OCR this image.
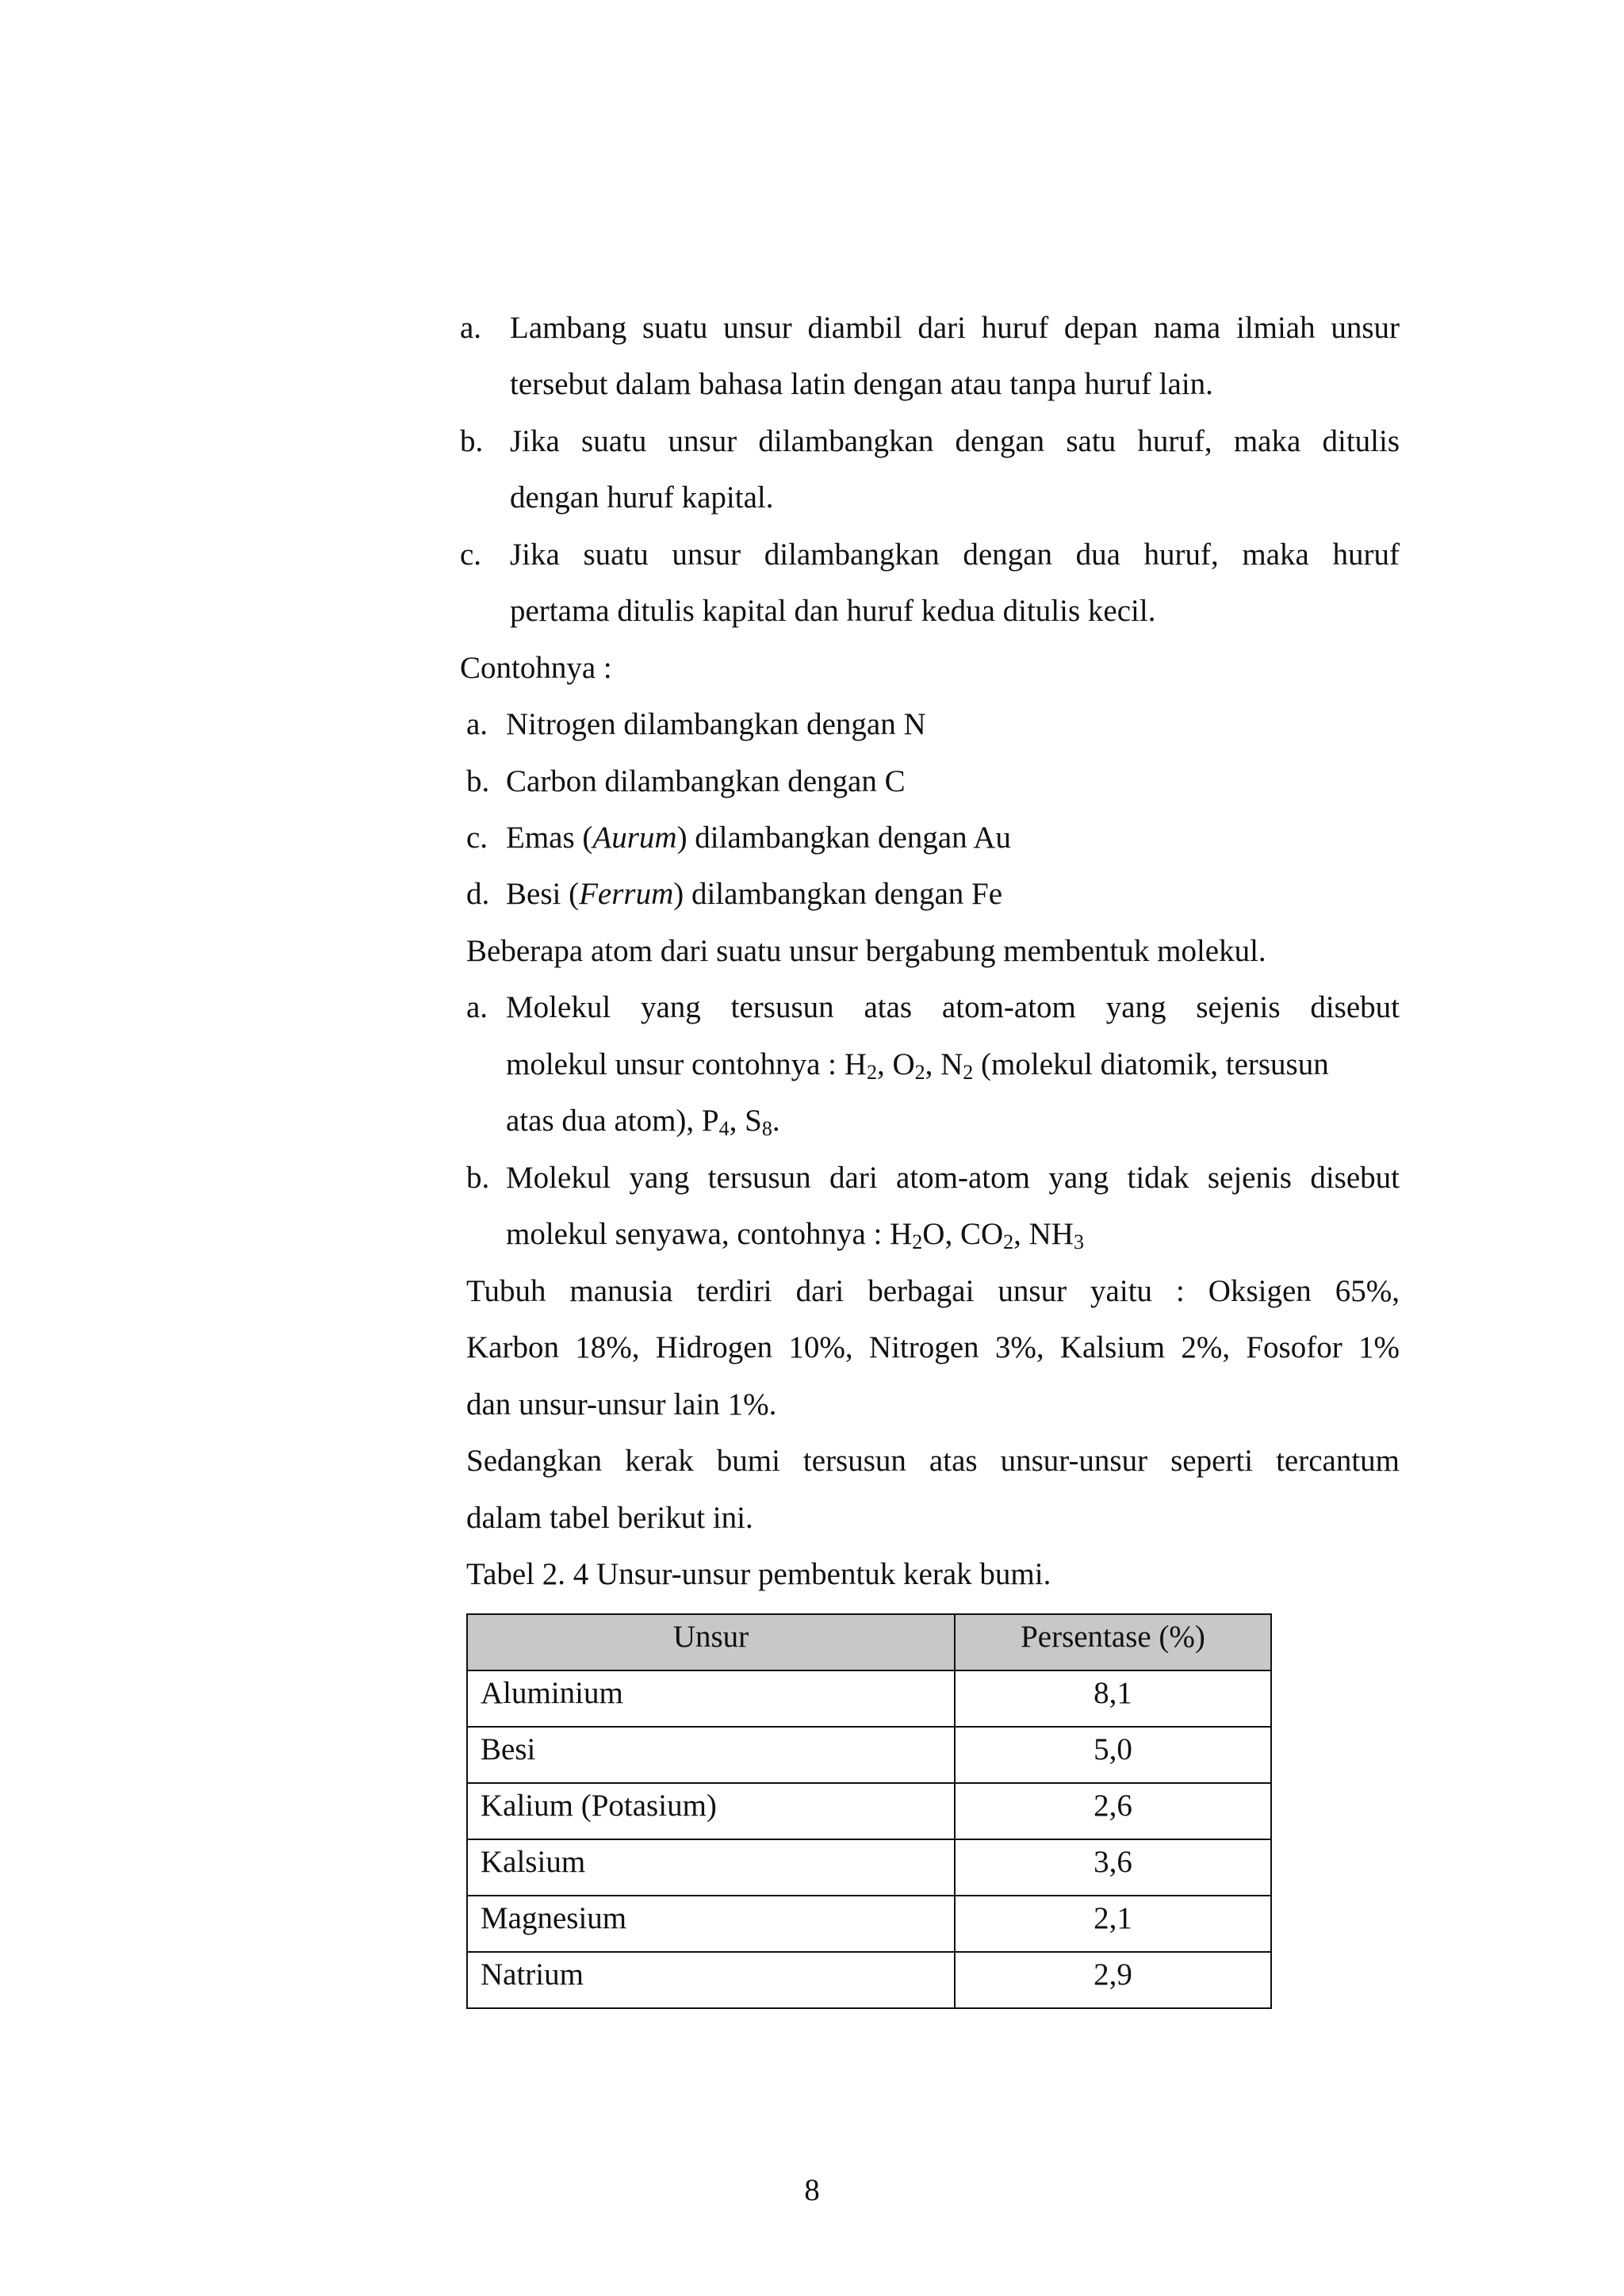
a. Lambang suatu unsur diambil dari huruf depan nama ilmiah unsur
tersebut dalam bahasa latin dengan atau tanpa huruf lain.
b. Jika suatu unsur dilambangkan dengan satu huruf, maka ditulis
dengan huruf kapital.
c. Jika suatu unsur dilambangkan dengan dua huruf, maka huruf
pertama ditulis kapital dan huruf kedua ditulis kecil.
Contohnya :
a. Nitrogen dilambangkan dengan N
b. Carbon dilambangkan dengan C
c. Emas (Aurum) dilambangkan dengan Au
d. Besi (Ferrum) dilambangkan dengan Fe
Beberapa atom dari suatu unsur bergabung membentuk molekul.
a. Molekul yang tersusun atas atom-atom yang sejenis disebut
molekul unsur contohnya : $H_2$, $O_2$, $N_2$ (molekul diatomik, tersusun
atas dua atom), $P_4$, $S_8$.
b. Molekul yang tersusun dari atom-atom yang tidak sejenis disebut
molekul senyawa, contohnya : $H_2O$, $CO_2$, $NH_3$
Tubuh manusia terdiri dari berbagai unsur yaitu : Oksigen 65%,
Karbon 18%, Hidrogen 10%, Nitrogen 3%, Kalsium 2%, Fosofor 1%
dan unsur-unsur lain 1%.
Sedangkan kerak bumi tersusun atas unsur-unsur seperti tercantum
dalam tabel berikut ini.
Tabel 2. 4 Unsur-unsur pembentuk kerak bumi.
Unsur	Persentase (%)
Aluminium	8,1
Besi	5,0
Kalium (Potasium)	2,6
Kalsium	3,6
Magnesium	2,1
Natrium	2,9
8
